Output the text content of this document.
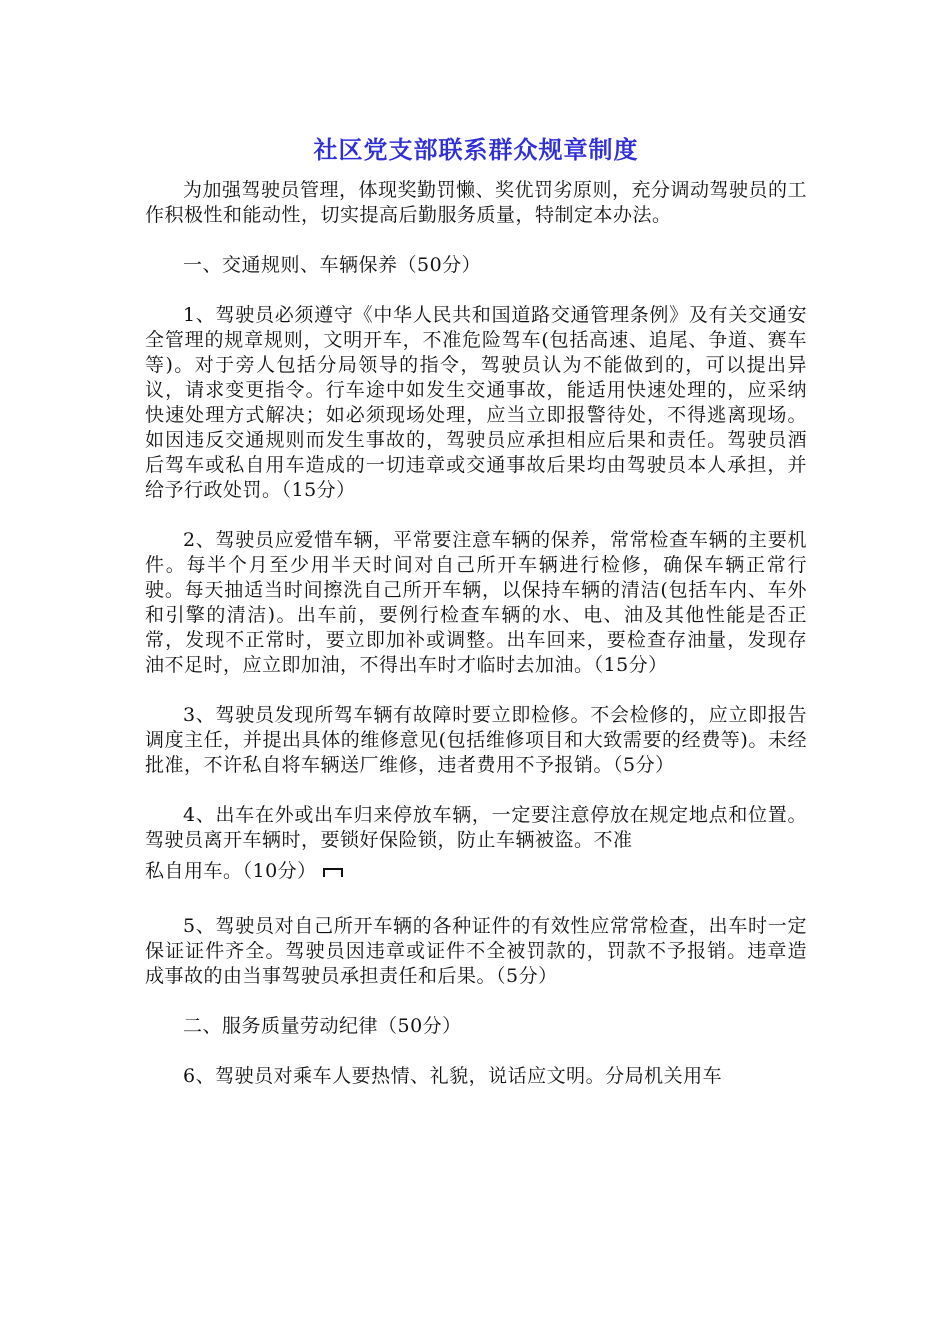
社区党支部联系群众规章制度

为加强驾驶员管理，体现奖勤罚懒、奖优罚劣原则，充分调动驾驶员的工作积极性和能动性，切实提高后勤服务质量，特制定本办法。

一、交通规则、车辆保养（50分）

1、驾驶员必须遵守《中华人民共和国道路交通管理条例》及有关交通安全管理的规章规则，文明开车，不准危险驾车(包括高速、追尾、争道、赛车等)。对于旁人包括分局领导的指令，驾驶员认为不能做到的，可以提出异议，请求变更指令。行车途中如发生交通事故，能适用快速处理的，应采纳快速处理方式解决；如必须现场处理，应当立即报警待处，不得逃离现场。如因违反交通规则而发生事故的，驾驶员应承担相应后果和责任。驾驶员酒后驾车或私自用车造成的一切违章或交通事故后果均由驾驶员本人承担，并给予行政处罚。（15分）

2、驾驶员应爱惜车辆，平常要注意车辆的保养，常常检查车辆的主要机件。每半个月至少用半天时间对自己所开车辆进行检修，确保车辆正常行驶。每天抽适当时间擦洗自己所开车辆，以保持车辆的清洁(包括车内、车外和引擎的清洁)。出车前，要例行检查车辆的水、电、油及其他性能是否正常，发现不正常时，要立即加补或调整。出车回来，要检查存油量，发现存油不足时，应立即加油，不得出车时才临时去加油。（15分）

3、驾驶员发现所驾车辆有故障时要立即检修。不会检修的，应立即报告调度主任，并提出具体的维修意见(包括维修项目和大致需要的经费等)。未经批准，不许私自将车辆送厂维修，违者费用不予报销。（5分）

4、出车在外或出车归来停放车辆，一定要注意停放在规定地点和位置。驾驶员离开车辆时，要锁好保险锁，防止车辆被盗。不准

私自用车。（10分）

5、驾驶员对自己所开车辆的各种证件的有效性应常常检查，出车时一定保证证件齐全。驾驶员因违章或证件不全被罚款的，罚款不予报销。违章造成事故的由当事驾驶员承担责任和后果。（5分）

二、服务质量劳动纪律（50分）

6、驾驶员对乘车人要热情、礼貌，说话应文明。分局机关用车
